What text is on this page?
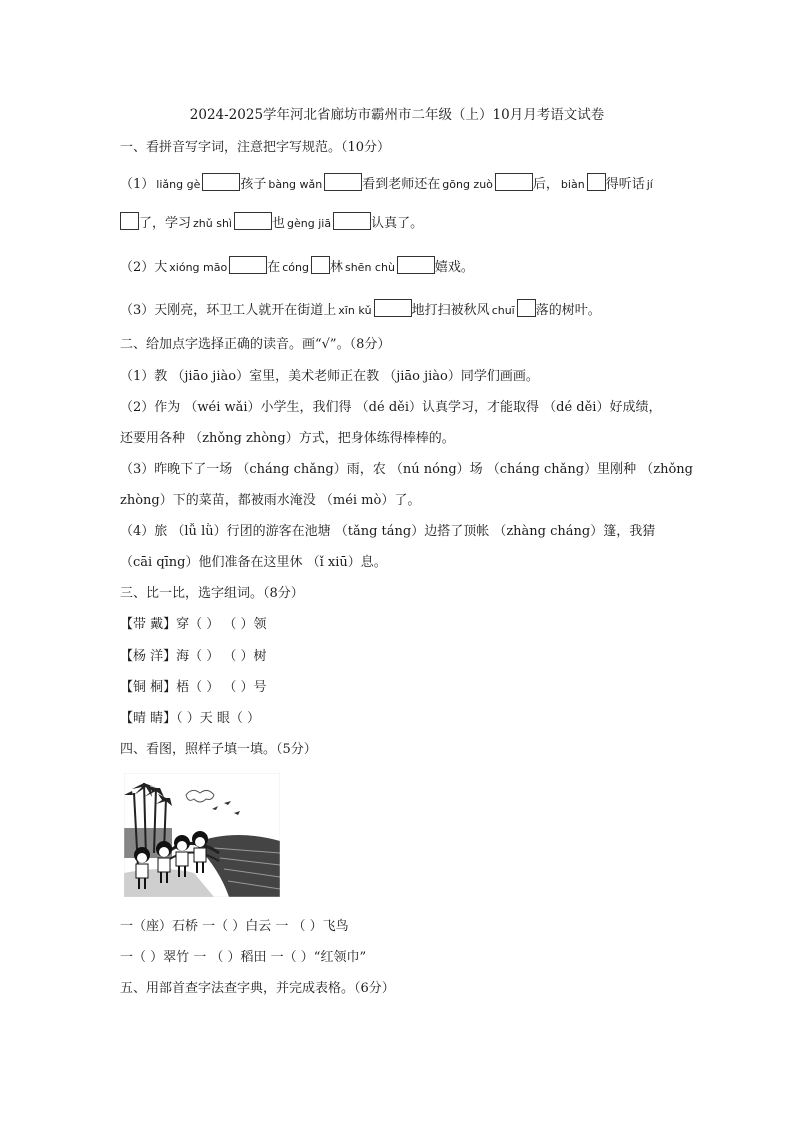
2024-2025学年河北省廊坊市霸州市二年级（上）10月月考语文试卷
一、看拼音写字词，注意把字写规范。（10分）
（1） liǎng gè	孩子 bàng wǎn	看到老师还在 gōng zuò	后， biàn 得听话 jí
了，学习 zhǔ shì	也 gèng jiā	认真了。
（2）大 xióng māo	在 cóng 林 shēn chù	嬉戏。
（3）天刚亮，环卫工人就开在街道上 xīn kǔ	地打扫被秋风 chuī 落的树叶。
二、给加点字选择正确的读音。画“√”。（8分）
（1）教 （jiāo jiào）室里，美术老师正在教 （jiāo jiào）同学们画画。
（2）作为 （wéi wǎi）小学生，我们得 （dé děi）认真学习，才能取得 （dé děi）好成绩，
还要用各种 （zhǒng zhòng）方式，把身体练得棒棒的。
（3）昨晚下了一场 （cháng chǎng）雨，农 （nú nóng）场 （cháng chǎng）里刚种 （zhǒng
zhòng）下的菜苗，都被雨水淹没 （méi mò）了。
（4）旅 （lǚ lǜ）行团的游客在池塘 （tǎng táng）边搭了顶帐 （zhàng cháng）篷，我猜
（cāi qīng）他们准备在这里休 （ǐ xiū）息。
三、比一比，选字组词。（8分）
【带 戴】穿（ ） （ ）领
【杨 洋】海（ ） （ ）树
【铜 桐】梧（ ） （ ）号
【晴 睛】（ ）天 眼（ ）
四、看图，照样子填一填。（5分）
一（座）石桥 一（ ）白云 一 （ ）飞鸟
一（ ）翠竹 一 （ ）稻田 一（ ）“红领巾”
五、用部首查字法查字典，并完成表格。（6分）
